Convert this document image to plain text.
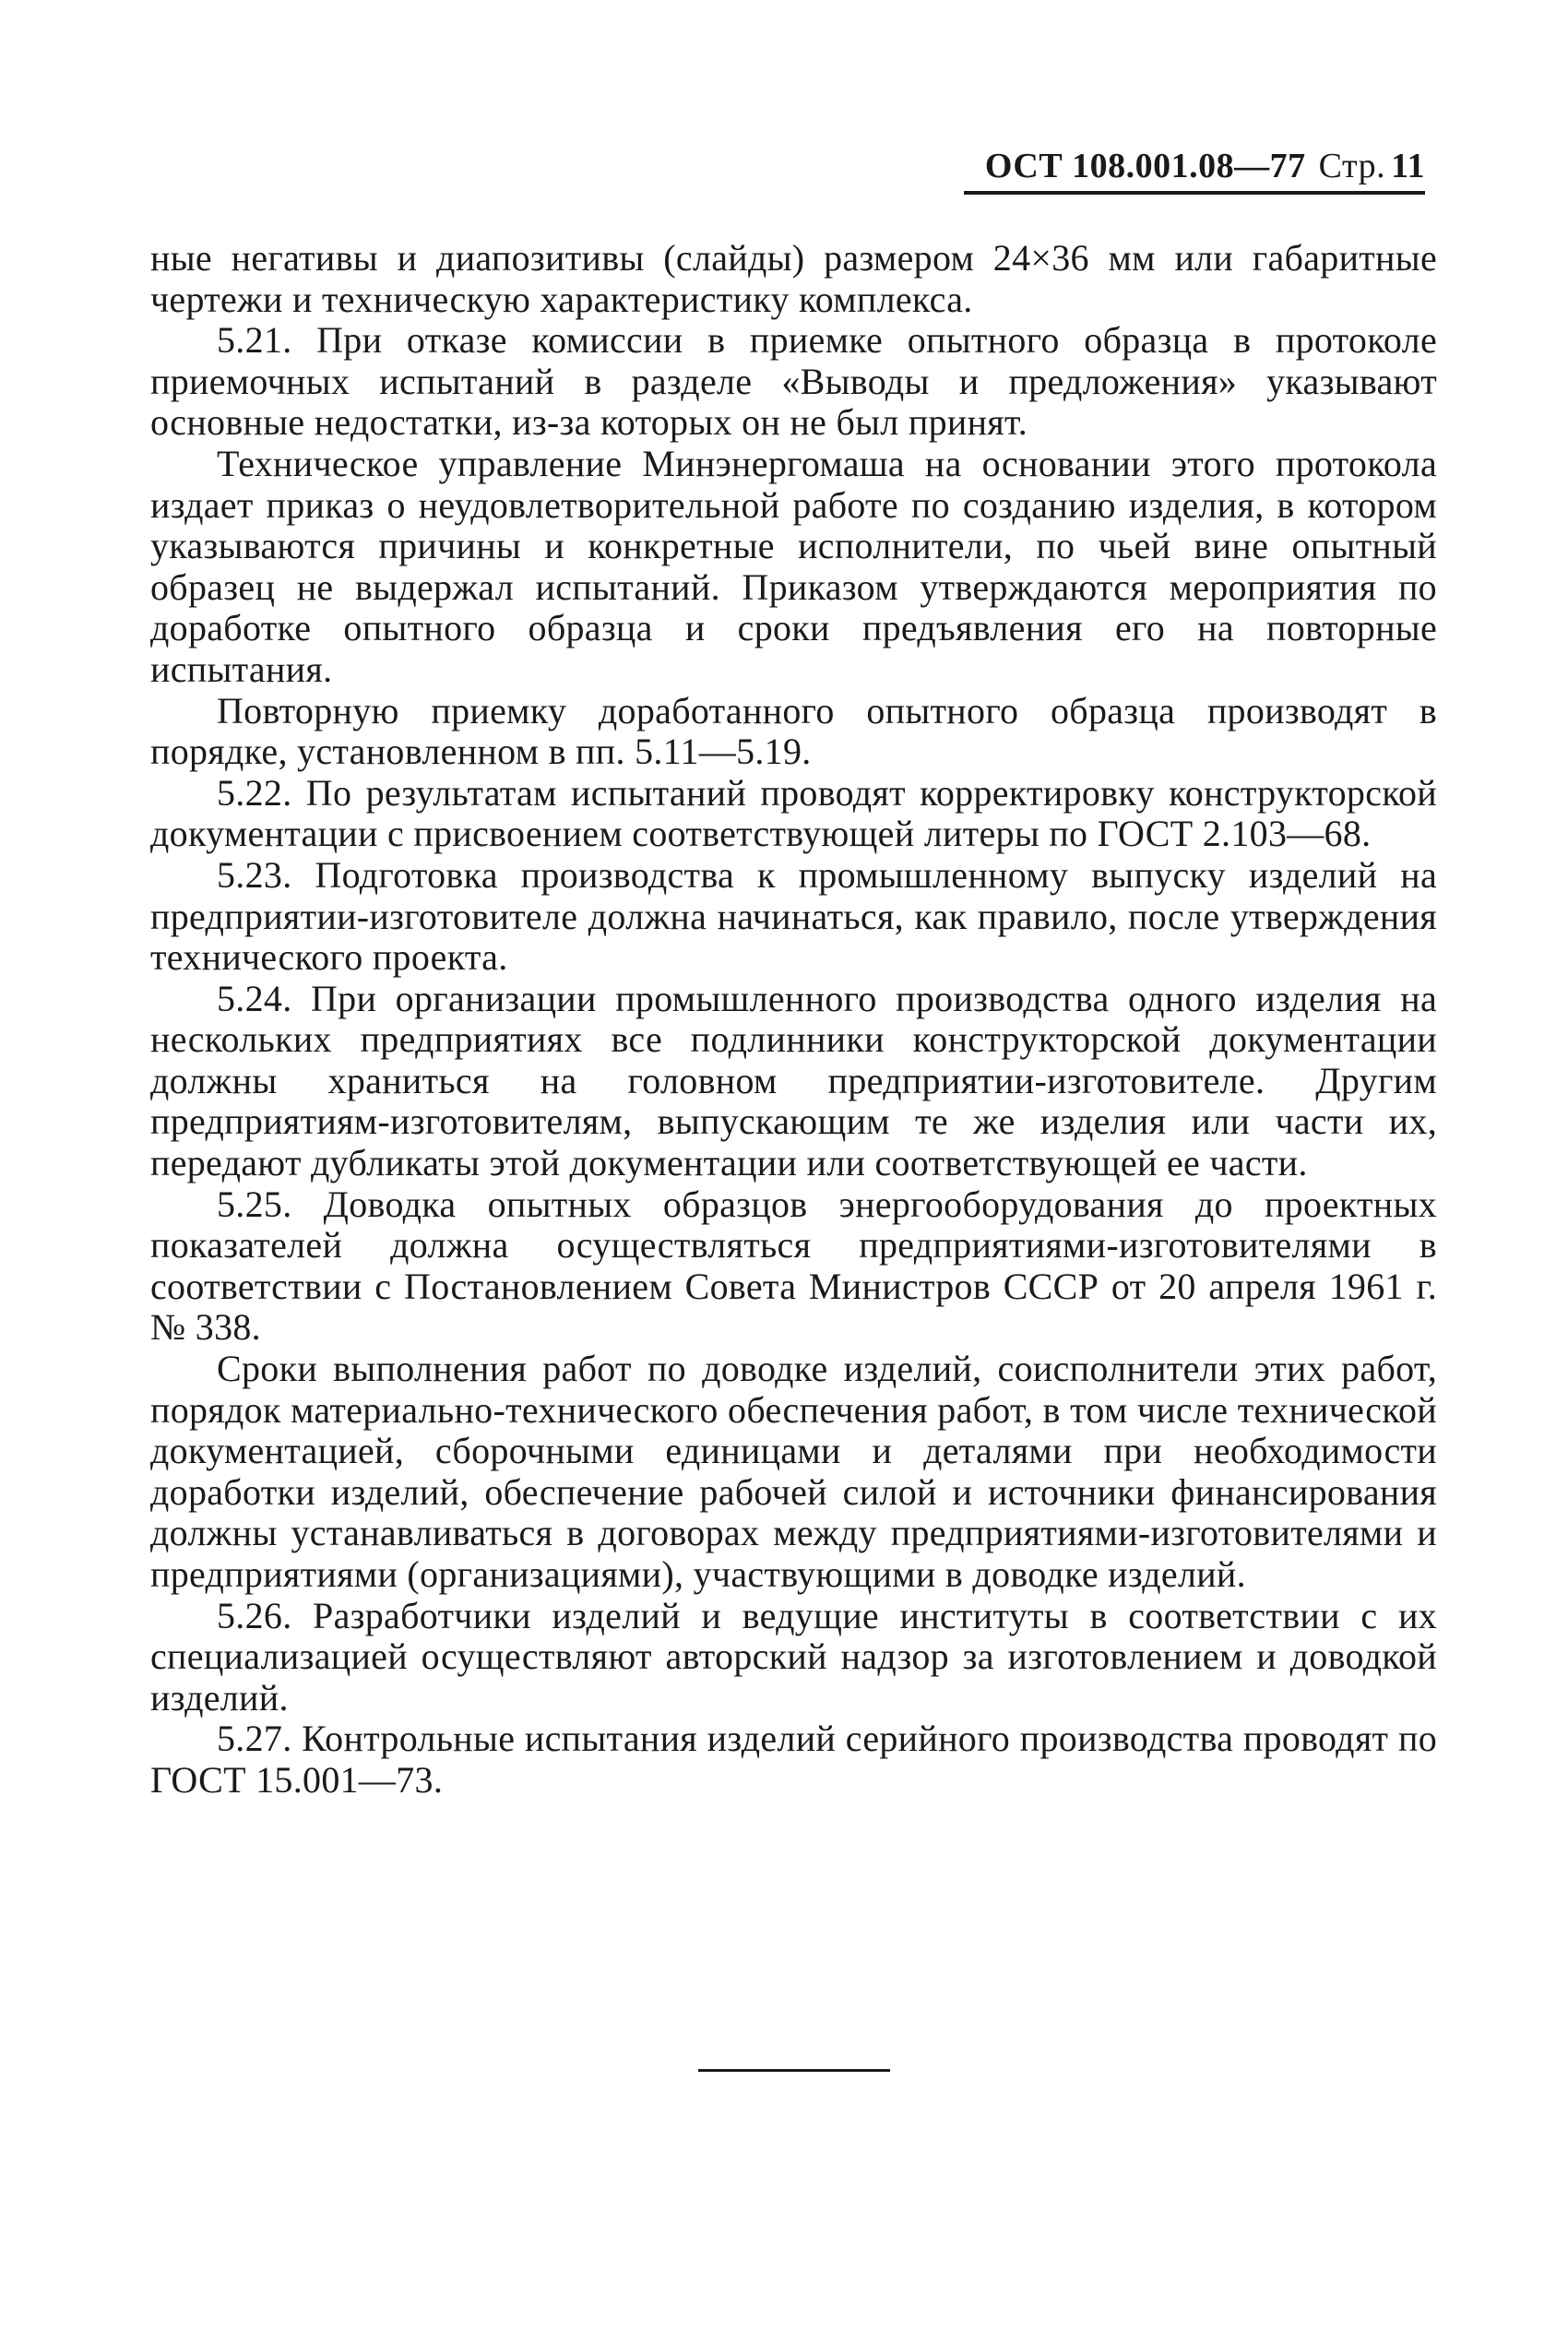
ОСТ 108.001.08—77 Стр. 11

ные негативы и диапозитивы (слайды) размером 24×36 мм или габаритные чертежи и техническую характеристику комплекса.

5.21. При отказе комиссии в приемке опытного образца в протоколе приемочных испытаний в разделе «Выводы и предложения» указывают основные недостатки, из-за которых он не был принят.

Техническое управление Минэнергомаша на основании этого протокола издает приказ о неудовлетворительной работе по созданию изделия, в котором указываются причины и конкретные исполнители, по чьей вине опытный образец не выдержал испытаний. Приказом утверждаются мероприятия по доработке опытного образца и сроки предъявления его на повторные испытания.

Повторную приемку доработанного опытного образца производят в порядке, установленном в пп. 5.11—5.19.

5.22. По результатам испытаний проводят корректировку конструкторской документации с присвоением соответствующей литеры по ГОСТ 2.103—68.

5.23. Подготовка производства к промышленному выпуску изделий на предприятии-изготовителе должна начинаться, как правило, после утверждения технического проекта.

5.24. При организации промышленного производства одного изделия на нескольких предприятиях все подлинники конструкторской документации должны храниться на головном предприятии-изготовителе. Другим предприятиям-изготовителям, выпускающим те же изделия или части их, передают дубликаты этой документации или соответствующей ее части.

5.25. Доводка опытных образцов энергооборудования до проектных показателей должна осуществляться предприятиями-изготовителями в соответствии с Постановлением Совета Министров СССР от 20 апреля 1961 г. № 338.

Сроки выполнения работ по доводке изделий, соисполнители этих работ, порядок материально-технического обеспечения работ, в том числе технической документацией, сборочными единицами и деталями при необходимости доработки изделий, обеспечение рабочей силой и источники финансирования должны устанавливаться в договорах между предприятиями-изготовителями и предприятиями (организациями), участвующими в доводке изделий.

5.26. Разработчики изделий и ведущие институты в соответствии с их специализацией осуществляют авторский надзор за изготовлением и доводкой изделий.

5.27. Контрольные испытания изделий серийного производства проводят по ГОСТ 15.001—73.
